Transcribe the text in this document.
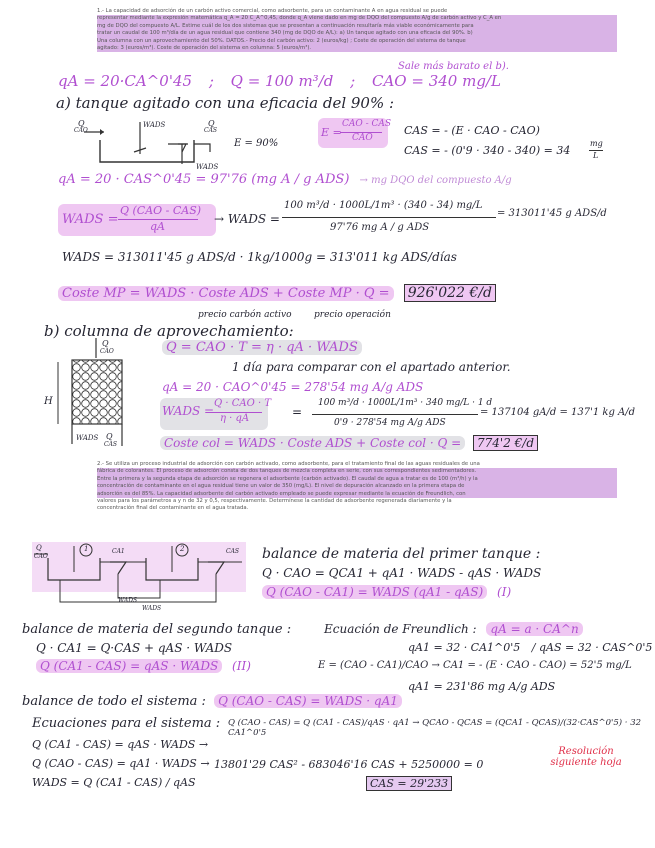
1.- La capacidad de adsorción de un carbón activo comercial, como adsorbente, para un contaminante A en agua residual se puede
representar mediante la expresión matemática q_A = 20 C_A^0,45, donde q_A viene dado en mg de DQO del compuesto A/g de carbón activo y C_A en
mg de DQO del compuesto A/L. Estime cuál de los dos sistemas que se presentan a continuación resultaría más viable económicamente para
tratar un caudal de 100 m³/día de un agua residual que contiene 340 (mg de DQO de A/L): a) Un tanque agitado con una eficacia del 90%. b)
Una columna con un aprovechamiento del 50%. DATOS.- Precio del carbón activo: 2 (euros/kg) ; Coste de operación del sistema de tanque
agitado: 3 (euros/m³). Coste de operación del sistema en columna: 5 (euros/m³).
Sale más barato el b).
qA = 20·CA^0'45 ; Q = 100 m³/d ; CAO = 340 mg/L
a) tanque agitado con una eficacia del 90% :
Q
CAO
WADS	Q
CAS
WADS
E = 90%
E =
CAO - CAS
CAO
CAS = - (E · CAO - CAO)
CAS = - (0'9 · 340 - 340) = 34
mg
L
qA = 20 · CAS^0'45 = 97'76 (mg A / g ADS) → mg DQO del compuesto A/g
WADS =
Q (CAO - CAS)
qA
→ WADS =
100 m³/d · 1000L/1m³ · (340 - 34) mg/L
97'76 mg A / g ADS
= 313011'45 g ADS/d
WADS = 313011'45 g ADS/d · 1kg/1000g = 313'011 kg ADS/días
Coste MP = WADS · Coste ADS + Coste MP · Q = 926'022 €/d
precio carbón activo precio operación
b) columna de aprovechamiento:
Q
CAO
H
WADS Q
CAS
Q = CAO · T = η · qA · WADS
1 día para comparar con el apartado anterior.
qA = 20 · CAO^0'45 = 278'54 mg A/g ADS
WADS =
Q · CAO · T
η · qA	=
100 m³/d · 1000L/1m³ · 340 mg/L · 1 d
0'9 · 278'54 mg A/g ADS
= 137104 gA/d = 137'1 kg A/d
Coste col = WADS · Coste ADS + Coste col · Q = 774'2 €/d
2.- Se utiliza un proceso industrial de adsorción con carbón activado, como adsorbente, para el tratamiento final de las aguas residuales de una
fábrica de colorantes. El proceso de adsorción consta de dos tanques de mezcla completa en serie, con sus correspondientes sedimentadores.
Entre la primera y la segunda etapa de adsorción se regenera el adsorbente (carbón activado). El caudal de agua a tratar es de 100 (m³/h) y la
concentración de contaminante en el agua residual tiene un valor de 350 (mg/L). El nivel de depuración alcanzado en la primera etapa de
adsorción es del 85%. La capacidad adsorbente del carbón activado empleado se puede expresar mediante la ecuación de Freundlich, con
valores para los parámetros a y n de 32 y 0,5, respectivamente. Determínese la cantidad de adsorbente regenerada diariamente y la
concentración final del contaminante en el agua tratada.
Q
CAO
1	2
CA1	CAS
WADS
WADS
balance de materia del primer tanque :
Q · CAO = QCA1 + qA1 · WADS - qAS · WADS
Q (CAO - CA1) = WADS (qA1 - qAS) (I)
balance de materia del segundo tanque :
Q · CA1 = Q·CAS + qAS · WADS
Q (CA1 - CAS) = qAS · WADS (II)
Ecuación de Freundlich : qA = a · CA^n
qA1 = 32 · CA1^0'5 / qAS = 32 · CAS^0'5
E = (CAO - CA1)/CAO → CA1 = - (E · CAO - CAO) = 52'5 mg/L
qA1 = 231'86 mg A/g ADS
balance de todo el sistema : Q (CAO - CAS) = WADS · qA1
Ecuaciones para el sistema :
Q (CA1 - CAS) = qAS · WADS →
Q (CAO - CAS) = qA1 · WADS →
WADS = Q (CA1 - CAS) / qAS
Q (CAO - CAS) = Q (CA1 - CAS)/qAS · qA1 → QCAO - QCAS = (QCA1 - QCAS)/(32·CAS^0'5) · 32 CA1^0'5
13801'29 CAS² - 683046'16 CAS + 5250000 = 0
CAS = 29'233
Resolución siguiente hoja
